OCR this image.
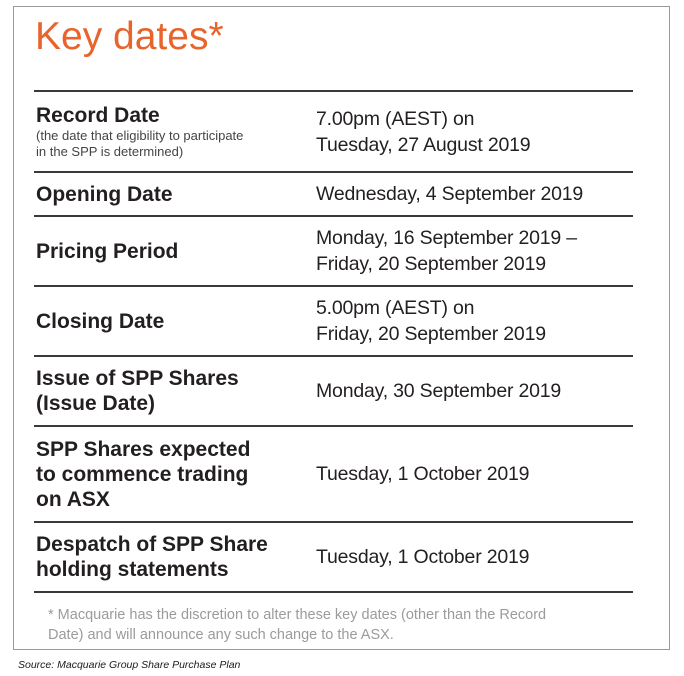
Key dates*
Record Date
(the date that eligibility to participate
in the SPP is determined)
7.00pm (AEST) on
Tuesday, 27 August 2019
Opening Date	Wednesday, 4 September 2019
Pricing Period
Monday, 16 September 2019 –
Friday, 20 September 2019
Closing Date
5.00pm (AEST) on
Friday, 20 September 2019
Issue of SPP Shares
(Issue Date)
Monday, 30 September 2019
SPP Shares expected
to commence trading
on ASX
Tuesday, 1 October 2019
Despatch of SPP Share
holding statements
Tuesday, 1 October 2019

* Macquarie has the discretion to alter these key dates (other than the Record
Date) and will announce any such change to the ASX.

Source: Macquarie Group Share Purchase Plan
